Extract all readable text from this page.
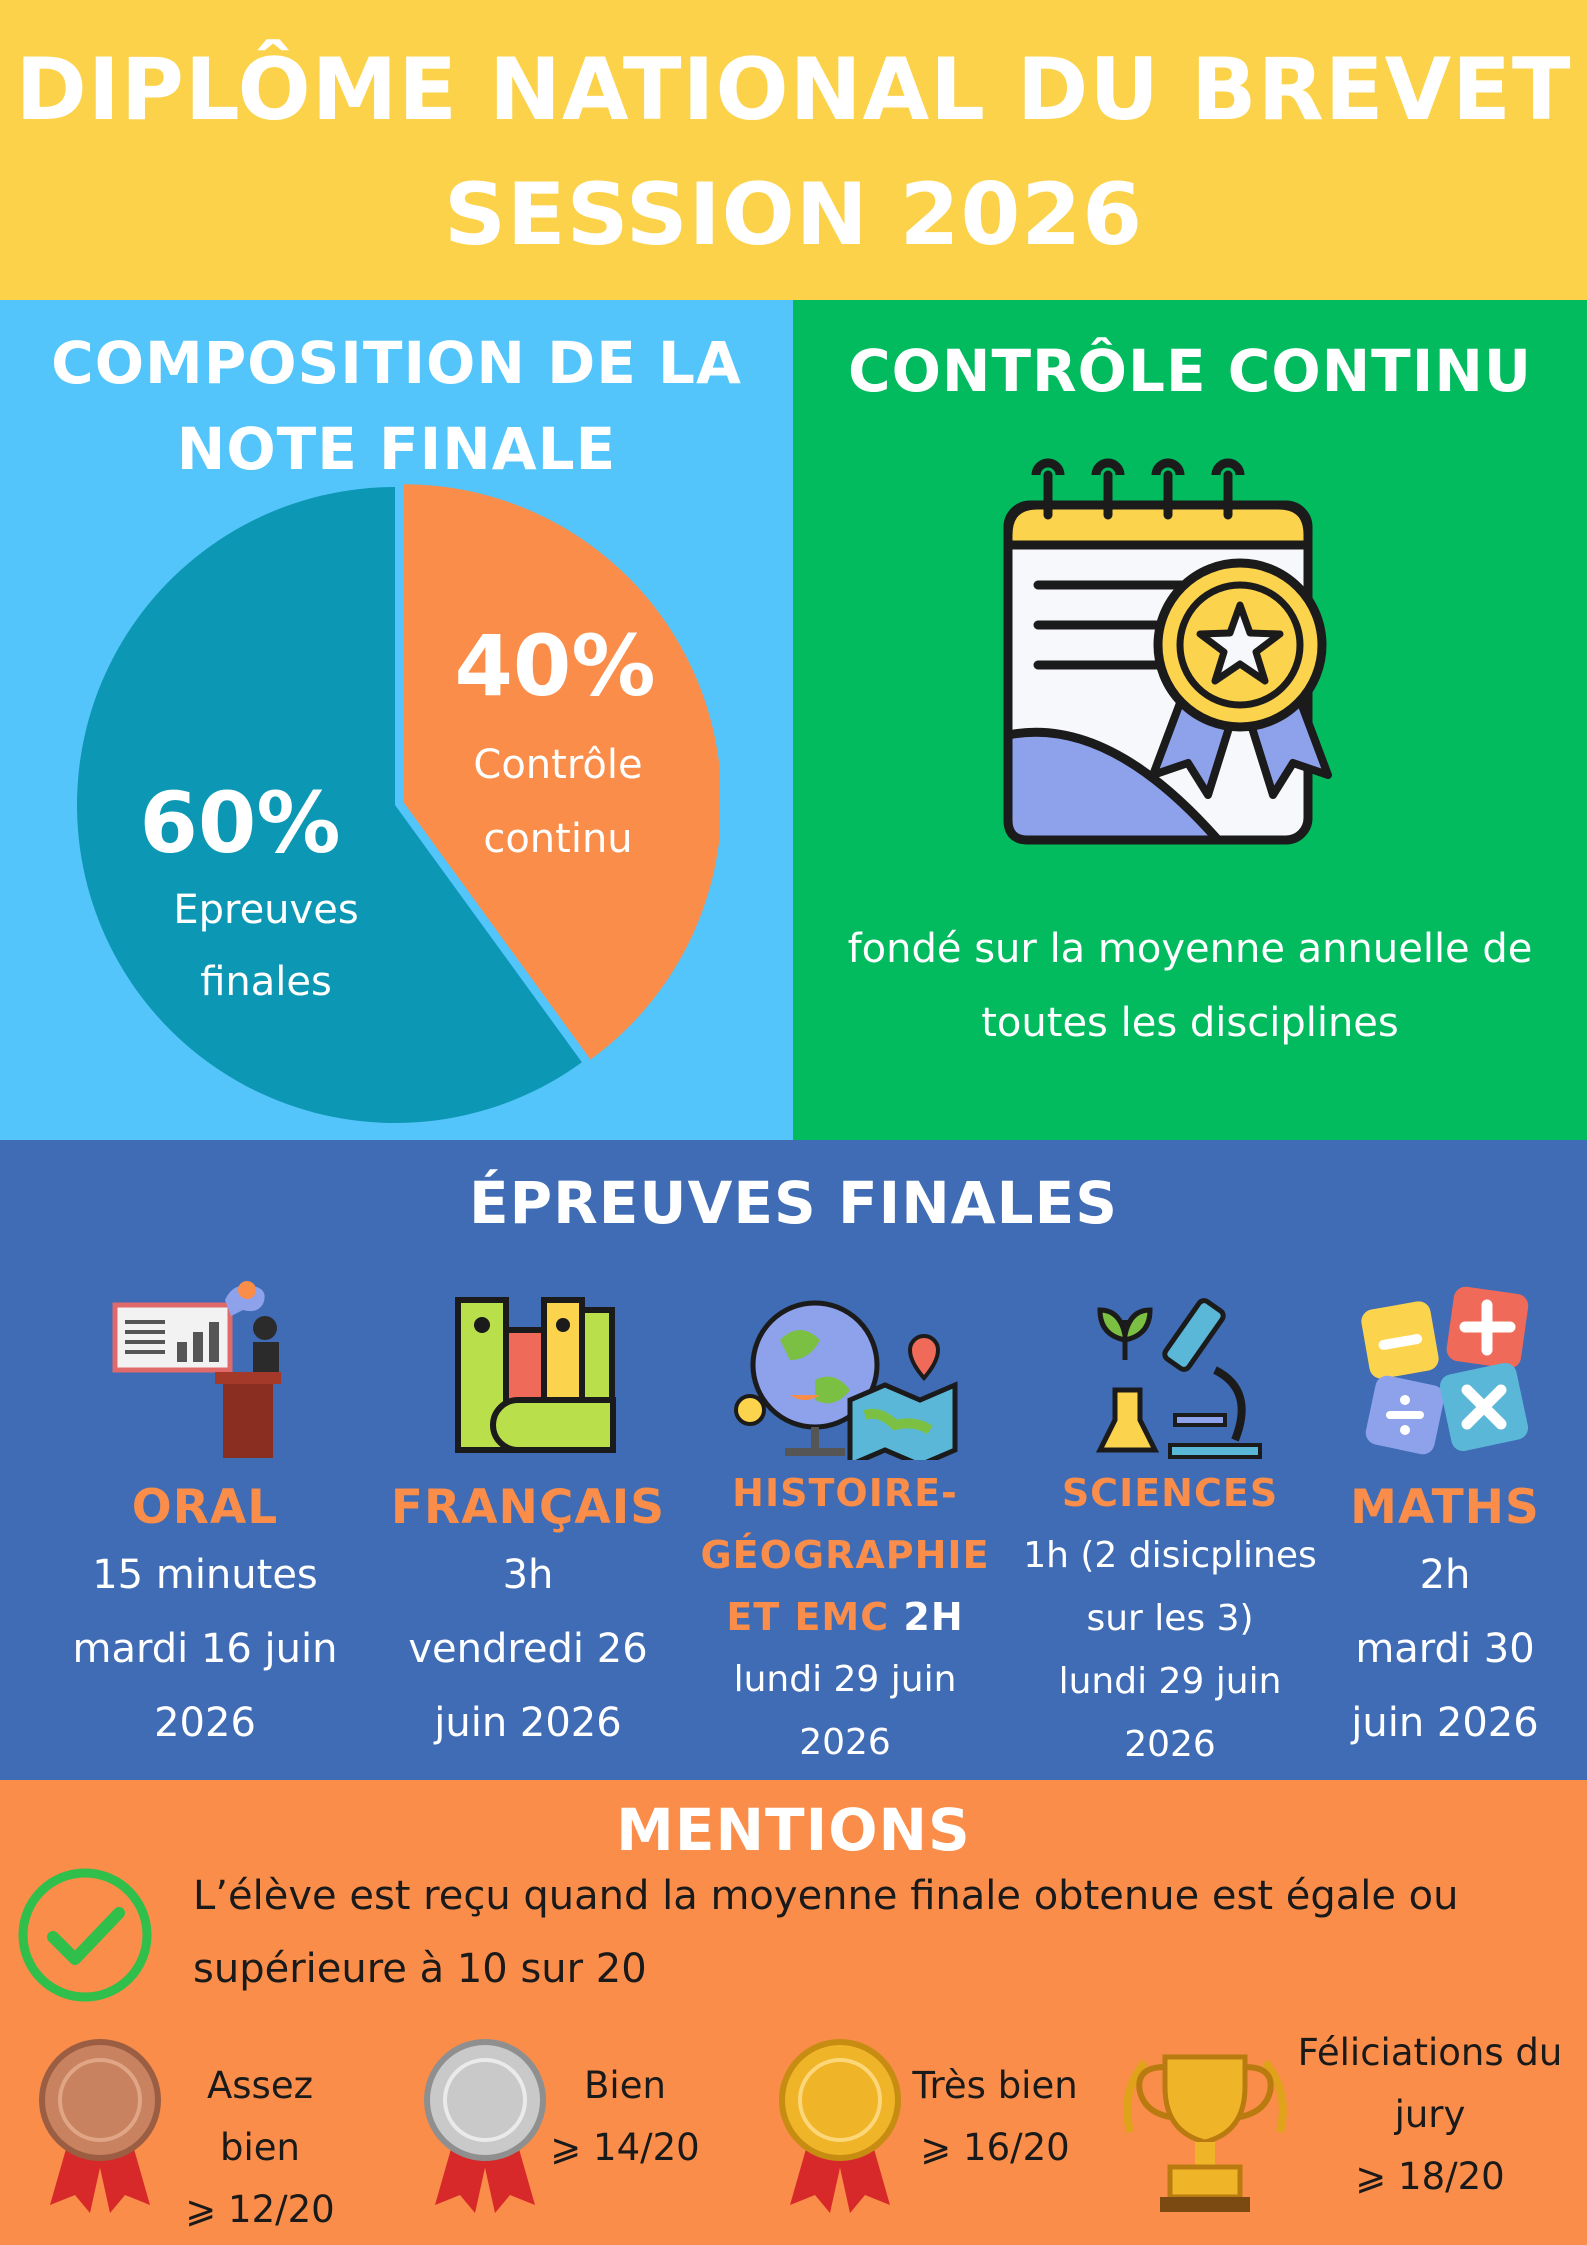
DIPLÔME NATIONAL DU BREVET
SESSION 2026
COMPOSITION DE LA
NOTE FINALE
60%
Epreuves
finales
40%
Contrôle
continu
CONTRÔLE CONTINU
fondé sur la moyenne annuelle de
toutes les disciplines
ÉPREUVES FINALES
ORAL
15 minutes
mardi 16 juin
2026
FRANÇAIS
3h
vendredi 26
juin 2026
HISTOIRE-
GÉOGRAPHIE
ET EMC 2H
lundi 29 juin
2026
SCIENCES
1h (2 disicplines
sur les 3)
lundi 29 juin
2026
MATHS
2h
mardi 30
juin 2026
MENTIONS
L’élève est reçu quand la moyenne finale obtenue est égale ou
supérieure à 10 sur 20
Assez bien
⩾ 12/20
Bien
⩾ 14/20
Très bien
⩾ 16/20
Féliciations du
jury
⩾ 18/20
